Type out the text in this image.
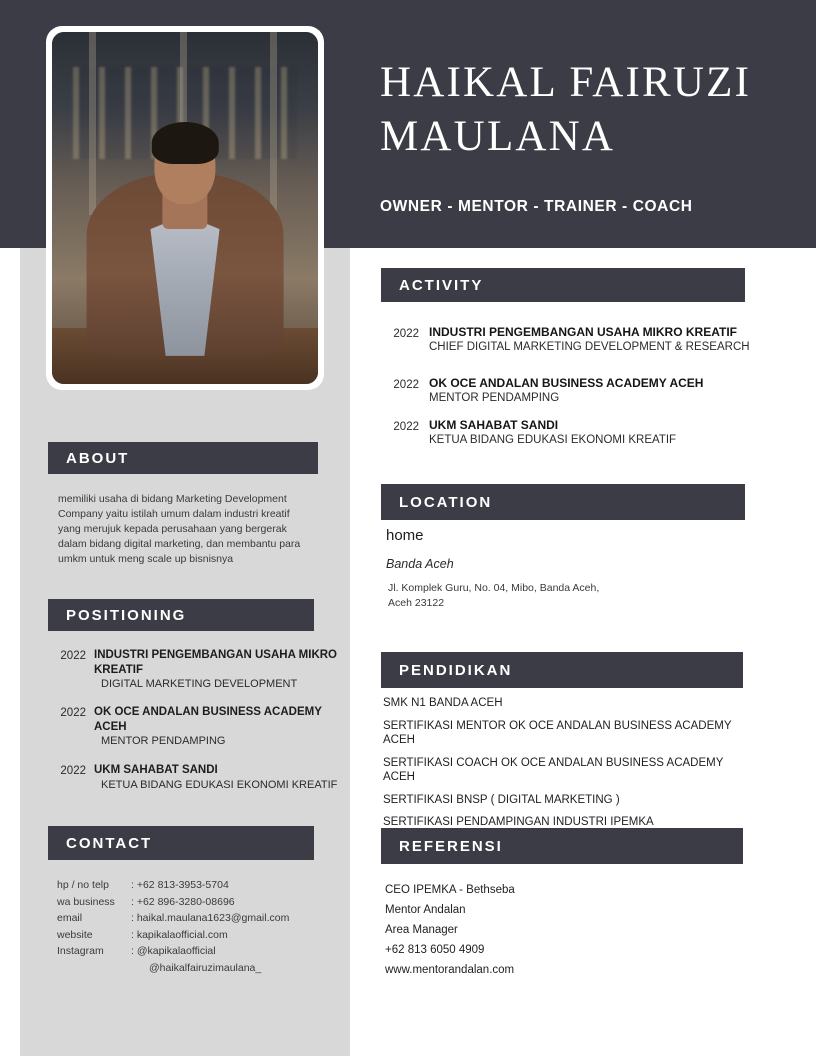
HAIKAL FAIRUZI MAULANA
OWNER - MENTOR - TRAINER - COACH
ABOUT
memiliki usaha di bidang Marketing Development Company yaitu istilah umum dalam industri kreatif yang merujuk kepada perusahaan yang bergerak dalam bidang digital marketing, dan membantu para umkm untuk meng scale up bisnisnya
POSITIONING
2022 INDUSTRI PENGEMBANGAN USAHA MIKRO KREATIF
DIGITAL MARKETING DEVELOPMENT
2022 OK OCE ANDALAN BUSINESS ACADEMY ACEH
MENTOR PENDAMPING
2022 UKM SAHABAT SANDI
KETUA BIDANG EDUKASI EKONOMI KREATIF
CONTACT
hp / no telp	: +62 813-3953-5704
wa business	: +62 896-3280-08696
email	: haikal.maulana1623@gmail.com
website	: kapikalaofficial.com
Instagram	: @kapikalaofficial
	@haikalfairuzimaulana_
ACTIVITY
2022 INDUSTRI PENGEMBANGAN USAHA MIKRO KREATIF
CHIEF DIGITAL MARKETING DEVELOPMENT & RESEARCH
2022 OK OCE ANDALAN BUSINESS ACADEMY ACEH
MENTOR PENDAMPING
2022 UKM SAHABAT SANDI
KETUA BIDANG EDUKASI EKONOMI KREATIF
LOCATION
home
Banda Aceh
Jl. Komplek Guru, No. 04, Mibo, Banda Aceh, Aceh 23122
PENDIDIKAN
SMK N1 BANDA ACEH
SERTIFIKASI MENTOR OK OCE ANDALAN BUSINESS ACADEMY ACEH
SERTIFIKASI COACH OK OCE ANDALAN BUSINESS ACADEMY ACEH
SERTIFIKASI BNSP ( DIGITAL MARKETING )
SERTIFIKASI PENDAMPINGAN INDUSTRI IPEMKA
REFERENSI
CEO IPEMKA - Bethseba
Mentor Andalan
Area Manager
+62 813 6050 4909
www.mentorandalan.com
